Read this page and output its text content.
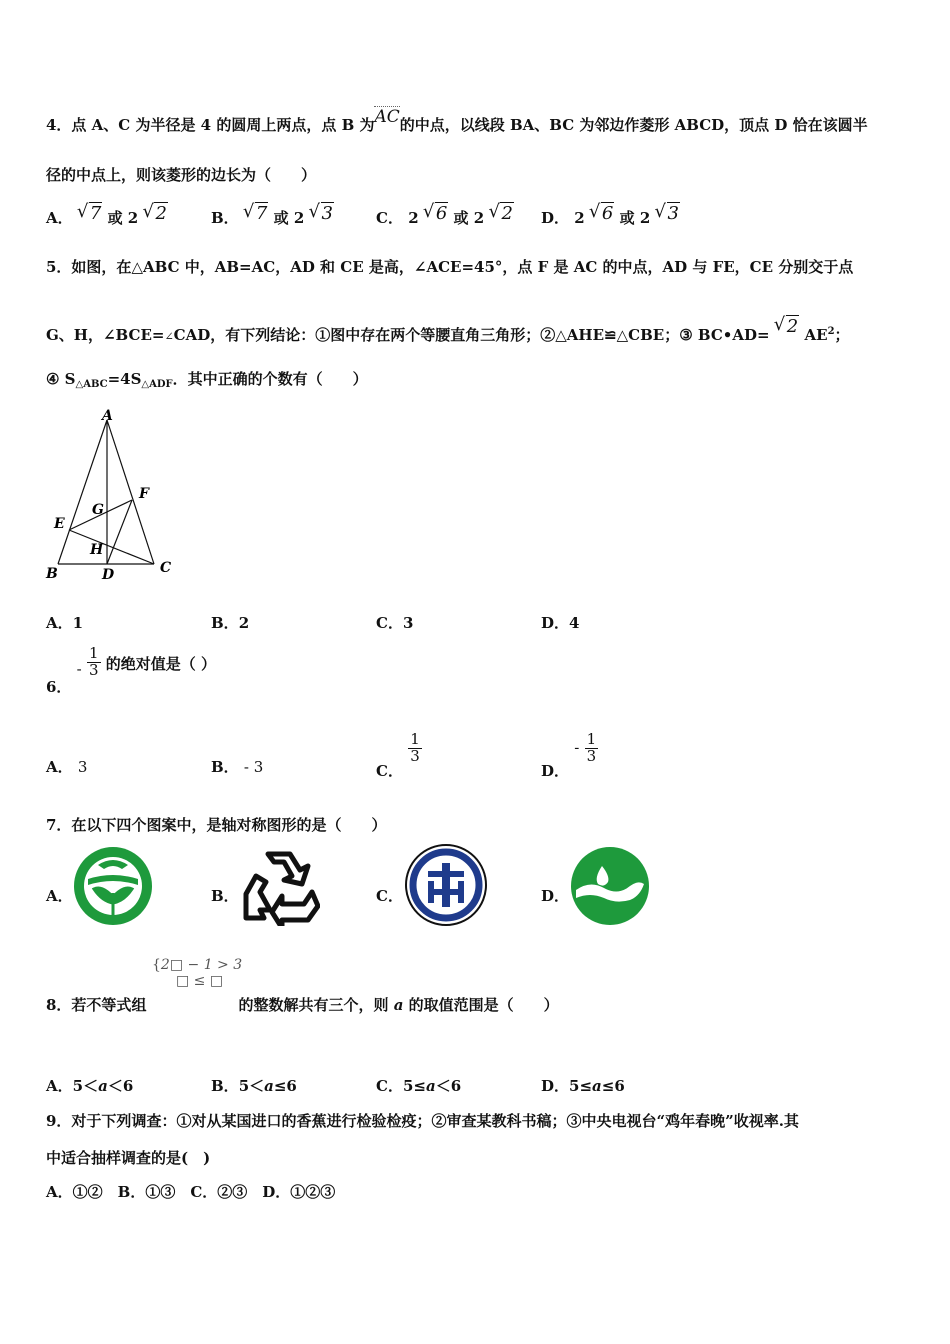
4．点 A、C 为半径是 4 的圆周上两点，点 B 为AC的中点，以线段 BA、BC 为邻边作菱形 ABCD，顶点 D 恰在该圆半
径的中点上，则该菱形的边长为（　　）
A． √ 7 或 2 √ 2	B． √ 7 或 2 √ 3	C． 2 √ 6 或 2 √ 2 D． 2 √ 6 或 2 √ 3
5．如图，在△ABC 中，AB=AC，AD 和 CE 是高，∠ACE=45°，点 F 是 AC 的中点，AD 与 FE，CE 分别交于点
G、H，∠BCE=∠CAD，有下列结论：①图中存在两个等腰直角三角形；②△AHE≌△CBE；③ BC•AD= √ 2 $AE^2$；
④ $S_{\triangle ABC}=4S_{\triangle ADF}$．其中正确的个数有（　　）
A
B	C
D
E
F
G
H
A．1	B．2	C．3	D．4
6． - $\frac{1}{3}$ 的绝对值是（ ）
A． 3	B． - 3	C．
$\frac{1}{3}$
D． - $\frac{1}{3}$
7．在以下四个图案中，是轴对称图形的是（　　）
A．	B．	C．	D．
{2□ − 1 > 3
□ ≤ □
8．若不等式组	的整数解共有三个，则 a 的取值范围是（　　）
A．5＜a＜6	B．5＜a≤6	C．5≤a＜6	D．5≤a≤6
9．对于下列调查：①对从某国进口的香蕉进行检验检疫；②审查某教科书稿；③中央电视台“鸡年春晚”收视率.其
中适合抽样调查的是(　)
A．①②　B．①③　C．②③　D．①②③
